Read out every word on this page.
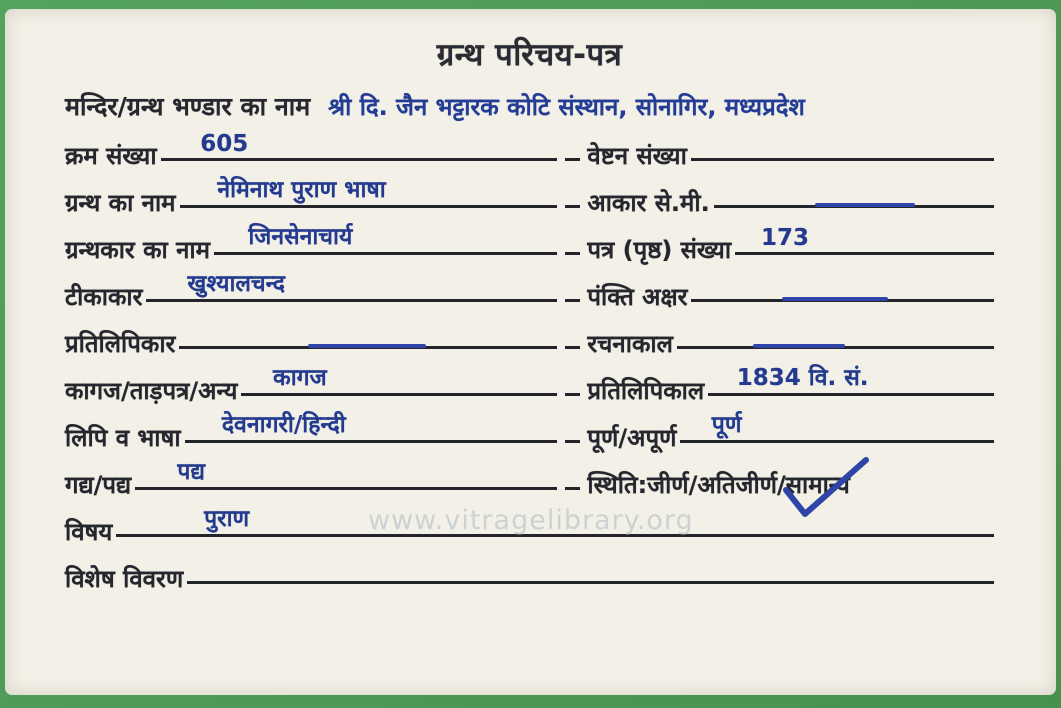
ग्रन्थ परिचय-पत्र
मन्दिर/ग्रन्थ भण्डार का नाम श्री दि. जैन भट्टारक कोटि संस्थान, सोनागिर, मध्यप्रदेश
क्रम संख्या 605	वेष्टन संख्या
ग्रन्थ का नाम नेमिनाथ पुराण भाषा	आकार से.मी.
ग्रन्थकार का नाम जिनसेनाचार्य	पत्र (पृष्ठ) संख्या 173
टीकाकार खुश्यालचन्द	पंक्ति अक्षर
प्रतिलिपिकार	रचनाकाल
कागज/ताड़पत्र/अन्य कागज	प्रतिलिपिकाल 1834 वि. सं.
लिपि व भाषा देवनागरी/हिन्दी	पूर्ण/अपूर्ण पूर्ण
गद्य/पद्य पद्य	स्थिति:जीर्ण/अतिजीर्ण/ सामान्य
विषय	पुराण
विशेष विवरण
www.vitragelibrary.org
